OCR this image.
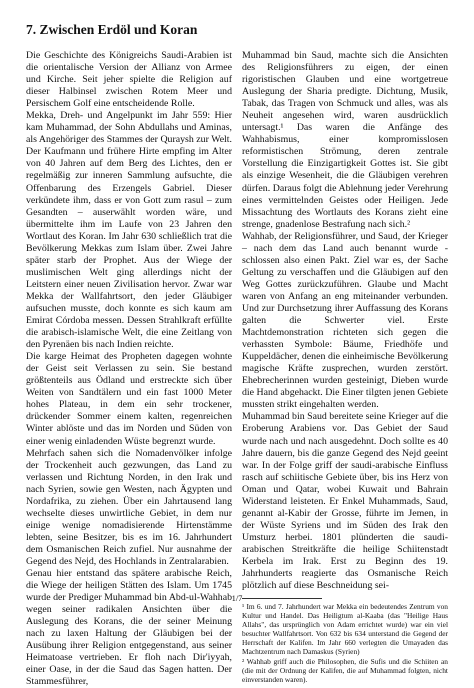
7. Zwischen Erdöl und Koran

Die Geschichte des Königreichs Saudi-Arabien ist die orientalische Version der Allianz von Armee und Kirche. Seit jeher spielte die Religion auf dieser Halbinsel zwischen Rotem Meer und Persischem Golf eine entscheidende Rolle.

Mekka, Dreh- und Angelpunkt im Jahr 559: Hier kam Muhammad, der Sohn Abdullahs und Aminas, als Angehöriger des Stammes der Quraysh zur Welt. Der Kaufmann und frühere Hirte empfing im Alter von 40 Jahren auf dem Berg des Lichtes, den er regelmäßig zur inneren Sammlung aufsuchte, die Offenbarung des Erzengels Gabriel. Dieser verkündete ihm, dass er von Gott zum rasul – zum Gesandten – auserwählt worden wäre, und übermittelte ihm im Laufe von 23 Jahren den Wortlaut des Koran. Im Jahr 630 schließlich trat die Bevölkerung Mekkas zum Islam über. Zwei Jahre später starb der Prophet. Aus der Wiege der muslimischen Welt ging allerdings nicht der Leitstern einer neuen Zivilisation hervor. Zwar war Mekka der Wallfahrtsort, den jeder Gläubiger aufsuchen musste, doch konnte es sich kaum am Emirat Córdoba messen. Dessen Strahlkraft erfüllte die arabisch-islamische Welt, die eine Zeitlang von den Pyrenäen bis nach Indien reichte.

Die karge Heimat des Propheten dagegen wohnte der Geist seit Verlassen zu sein. Sie bestand größtenteils aus Ödland und erstreckte sich über Weiten von Sandtälern und ein fast 1000 Meter hohes Plateau, in dem ein sehr trockener, drückender Sommer einem kalten, regenreichen Winter ablöste und das im Norden und Süden von einer wenig einladenden Wüste begrenzt wurde.

Mehrfach sahen sich die Nomadenvölker infolge der Trockenheit auch gezwungen, das Land zu verlassen und Richtung Norden, in den Irak und nach Syrien, sowie gen Westen, nach Ägypten und Nordafrika, zu ziehen. Über ein Jahrtausend lang wechselte dieses unwirtliche Gebiet, in dem nur einige wenige nomadisierende Hirtenstämme lebten, seine Besitzer, bis es im 16. Jahrhundert dem Osmanischen Reich zufiel. Nur ausnahme der Gegend des Nejd, des Hochlands in Zentralarabien.

Genau hier entstand das spätere arabische Reich, die Wiege der heiligen Stätten des Islam. Um 1745 wurde der Prediger Muhammad bin Abd-ul-Wahhab wegen seiner radikalen Ansichten über die Auslegung des Korans, die der seiner Meinung nach zu laxen Haltung der Gläubigen bei der Ausübung ihrer Religion entgegenstand, aus seiner Heimatoase vertrieben. Er floh nach Dir'iyyah, einer Oase, in der die Saud das Sagen hatten. Der Stammesführer,

Muhammad bin Saud, machte sich die Ansichten des Religionsführers zu eigen, der einen rigoristischen Glauben und eine wortgetreue Auslegung der Sharia predigte. Dichtung, Musik, Tabak, das Tragen von Schmuck und alles, was als Neuheit angesehen wird, waren ausdrücklich untersagt.¹ Das waren die Anfänge des Wahhabismus, einer kompromisslosen reformistischen Strömung, deren zentrale Vorstellung die Einzigartigkeit Gottes ist. Sie gibt als einzige Wesenheit, die die Gläubigen verehren dürfen. Daraus folgt die Ablehnung jeder Verehrung eines vermittelnden Geistes oder Heiligen. Jede Missachtung des Wortlauts des Korans zieht eine strenge, gnadenlose Bestrafung nach sich.²

Wahhab, der Religionsführer, und Saud, der Krieger – nach dem das Land auch benannt wurde - schlossen also einen Pakt. Ziel war es, der Sache Geltung zu verschaffen und die Gläubigen auf den Weg Gottes zurückzuführen. Glaube und Macht waren von Anfang an eng miteinander verbunden. Und zur Durchsetzung ihrer Auffassung des Korans galten die Schwerter viel. Erste Machtdemonstration richteten sich gegen die verhassten Symbole: Bäume, Friedhöfe und Kuppeldächer, denen die einheimische Bevölkerung magische Kräfte zusprechen, wurden zerstört. Ehebrecherinnen wurden gesteinigt, Dieben wurde die Hand abgehackt. Die Einer tilgten jenen Gebiete mussten strikt eingehalten werden.

Muhammad bin Saud bereitete seine Krieger auf die Eroberung Arabiens vor. Das Gebiet der Saud wurde nach und nach ausgedehnt. Doch sollte es 40 Jahre dauern, bis die ganze Gegend des Nejd geeint war. In der Folge griff der saudi-arabische Einfluss rasch auf schiitische Gebiete über, bis ins Herz von Oman und Qatar, wobei Kuwait und Bahrain Widerstand leisteten. Er Enkel Muhammads, Saud, genannt al-Kabir der Grosse, führte im Jemen, in der Wüste Syriens und im Süden des Irak den Umsturz herbei. 1801 plünderten die saudi-arabischen Streitkräfte die heilige Schiitenstadt Kerbela im Irak. Erst zu Beginn des 19. Jahrhunderts reagierte das Osmanische Reich plötzlich auf diese Beschneidung sei-

¹ Im 6. und 7. Jahrhundert war Mekka ein bedeutendes Zentrum von Kultur und Handel. Das Heiligtum al-Kaaba (das "Heilige Haus Allahs", das ursprünglich von Adam errichtet wurde) war ein viel besuchter Wallfahrtsort. Von 632 bis 634 unterstand die Gegend der Herrschaft der Kalifen. Im Jahr 660 verlegten die Umayaden das Machtzentrum nach Damaskus (Syrien)

² Wahhab griff auch die Philosophen, die Sufis und die Schiiten an (die mit der Ordnung der Kalifen, die auf Muhammad folgten, nicht einverstanden waren).

1/7
